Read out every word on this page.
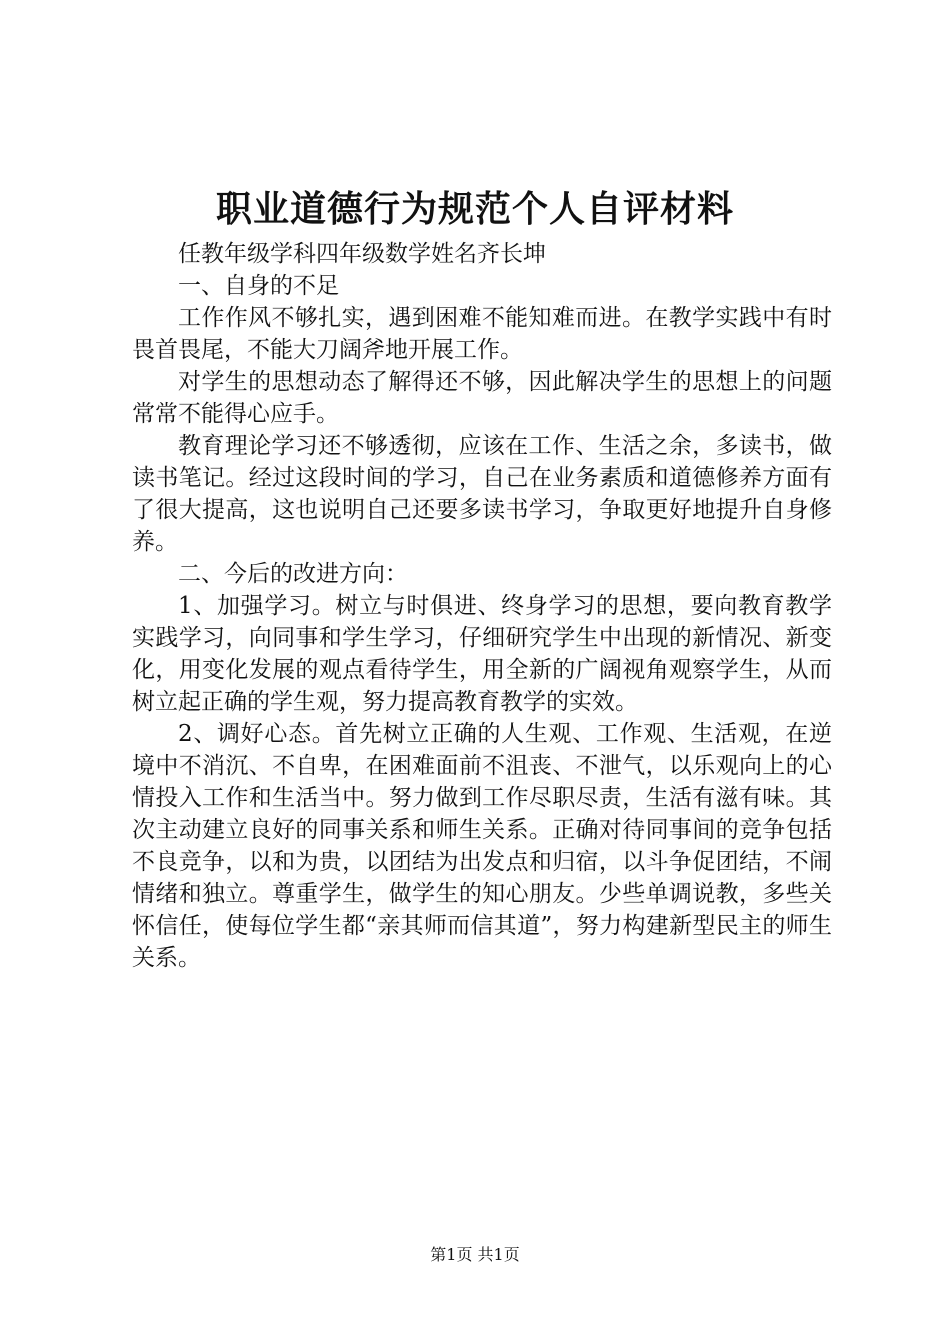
职业道德行为规范个人自评材料

任教年级学科四年级数学姓名齐长坤

一、自身的不足

工作作风不够扎实，遇到困难不能知难而进。在教学实践中有时畏首畏尾，不能大刀阔斧地开展工作。

对学生的思想动态了解得还不够，因此解决学生的思想上的问题常常不能得心应手。

教育理论学习还不够透彻，应该在工作、生活之余，多读书，做读书笔记。经过这段时间的学习，自己在业务素质和道德修养方面有了很大提高，这也说明自己还要多读书学习，争取更好地提升自身修养。

二、今后的改进方向：

1、加强学习。树立与时俱进、终身学习的思想，要向教育教学实践学习，向同事和学生学习，仔细研究学生中出现的新情况、新变化，用变化发展的观点看待学生，用全新的广阔视角观察学生，从而树立起正确的学生观，努力提高教育教学的实效。

2、调好心态。首先树立正确的人生观、工作观、生活观，在逆境中不消沉、不自卑，在困难面前不沮丧、不泄气，以乐观向上的心情投入工作和生活当中。努力做到工作尽职尽责，生活有滋有味。其次主动建立良好的同事关系和师生关系。正确对待同事间的竞争包括不良竞争，以和为贵，以团结为出发点和归宿，以斗争促团结，不闹情绪和独立。尊重学生，做学生的知心朋友。少些单调说教，多些关怀信任，使每位学生都“亲其师而信其道”，努力构建新型民主的师生关系。

第1页 共1页
